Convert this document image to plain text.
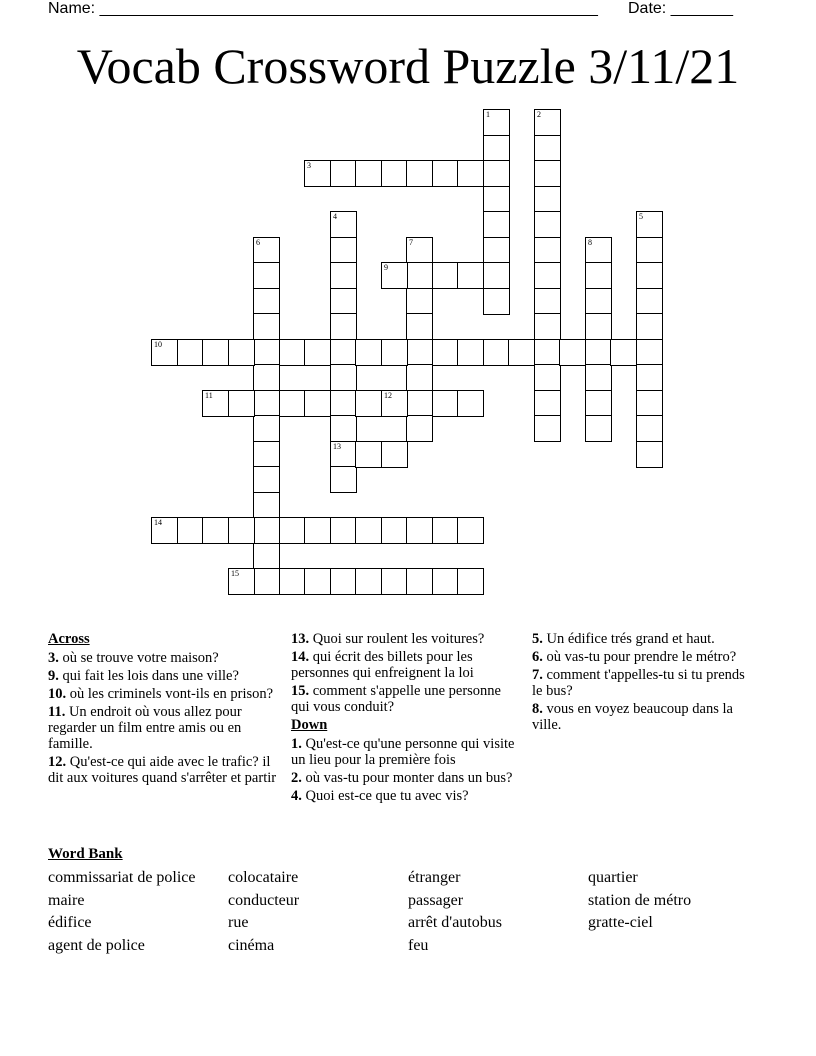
Name: ________________________________________________________ Date: _______
Vocab Crossword Puzzle 3/11/21
1	2
3
4
13
5
6	7	8
9
10
11	12
14
15
Across
3. où se trouve votre maison?
9. qui fait les lois dans une ville?
10. où les criminels vont-ils en prison?
11. Un endroit où vous allez pour regarder un film entre amis ou en famille.
12. Qu'est-ce qui aide avec le trafic? il dit aux voitures quand s'arrêter et partir
13. Quoi sur roulent les voitures?
14. qui écrit des billets pour les personnes qui enfreignent la loi
15. comment s'appelle une personne qui vous conduit?
Down
1. Qu'est-ce qu'une personne qui visite un lieu pour la première fois
2. où vas-tu pour monter dans un bus?
4. Quoi est-ce que tu avec vis?
5. Un édifice trés grand et haut.
6. où vas-tu pour prendre le métro?
7. comment t'appelles-tu si tu prends le bus?
8. vous en voyez beaucoup dans la ville.
Word Bank
commissariat de police	colocataire	étranger	quartier
maire	conducteur	passager	station de métro
édifice	rue	arrêt d'autobus	gratte-ciel
agent de police	cinéma	feu
